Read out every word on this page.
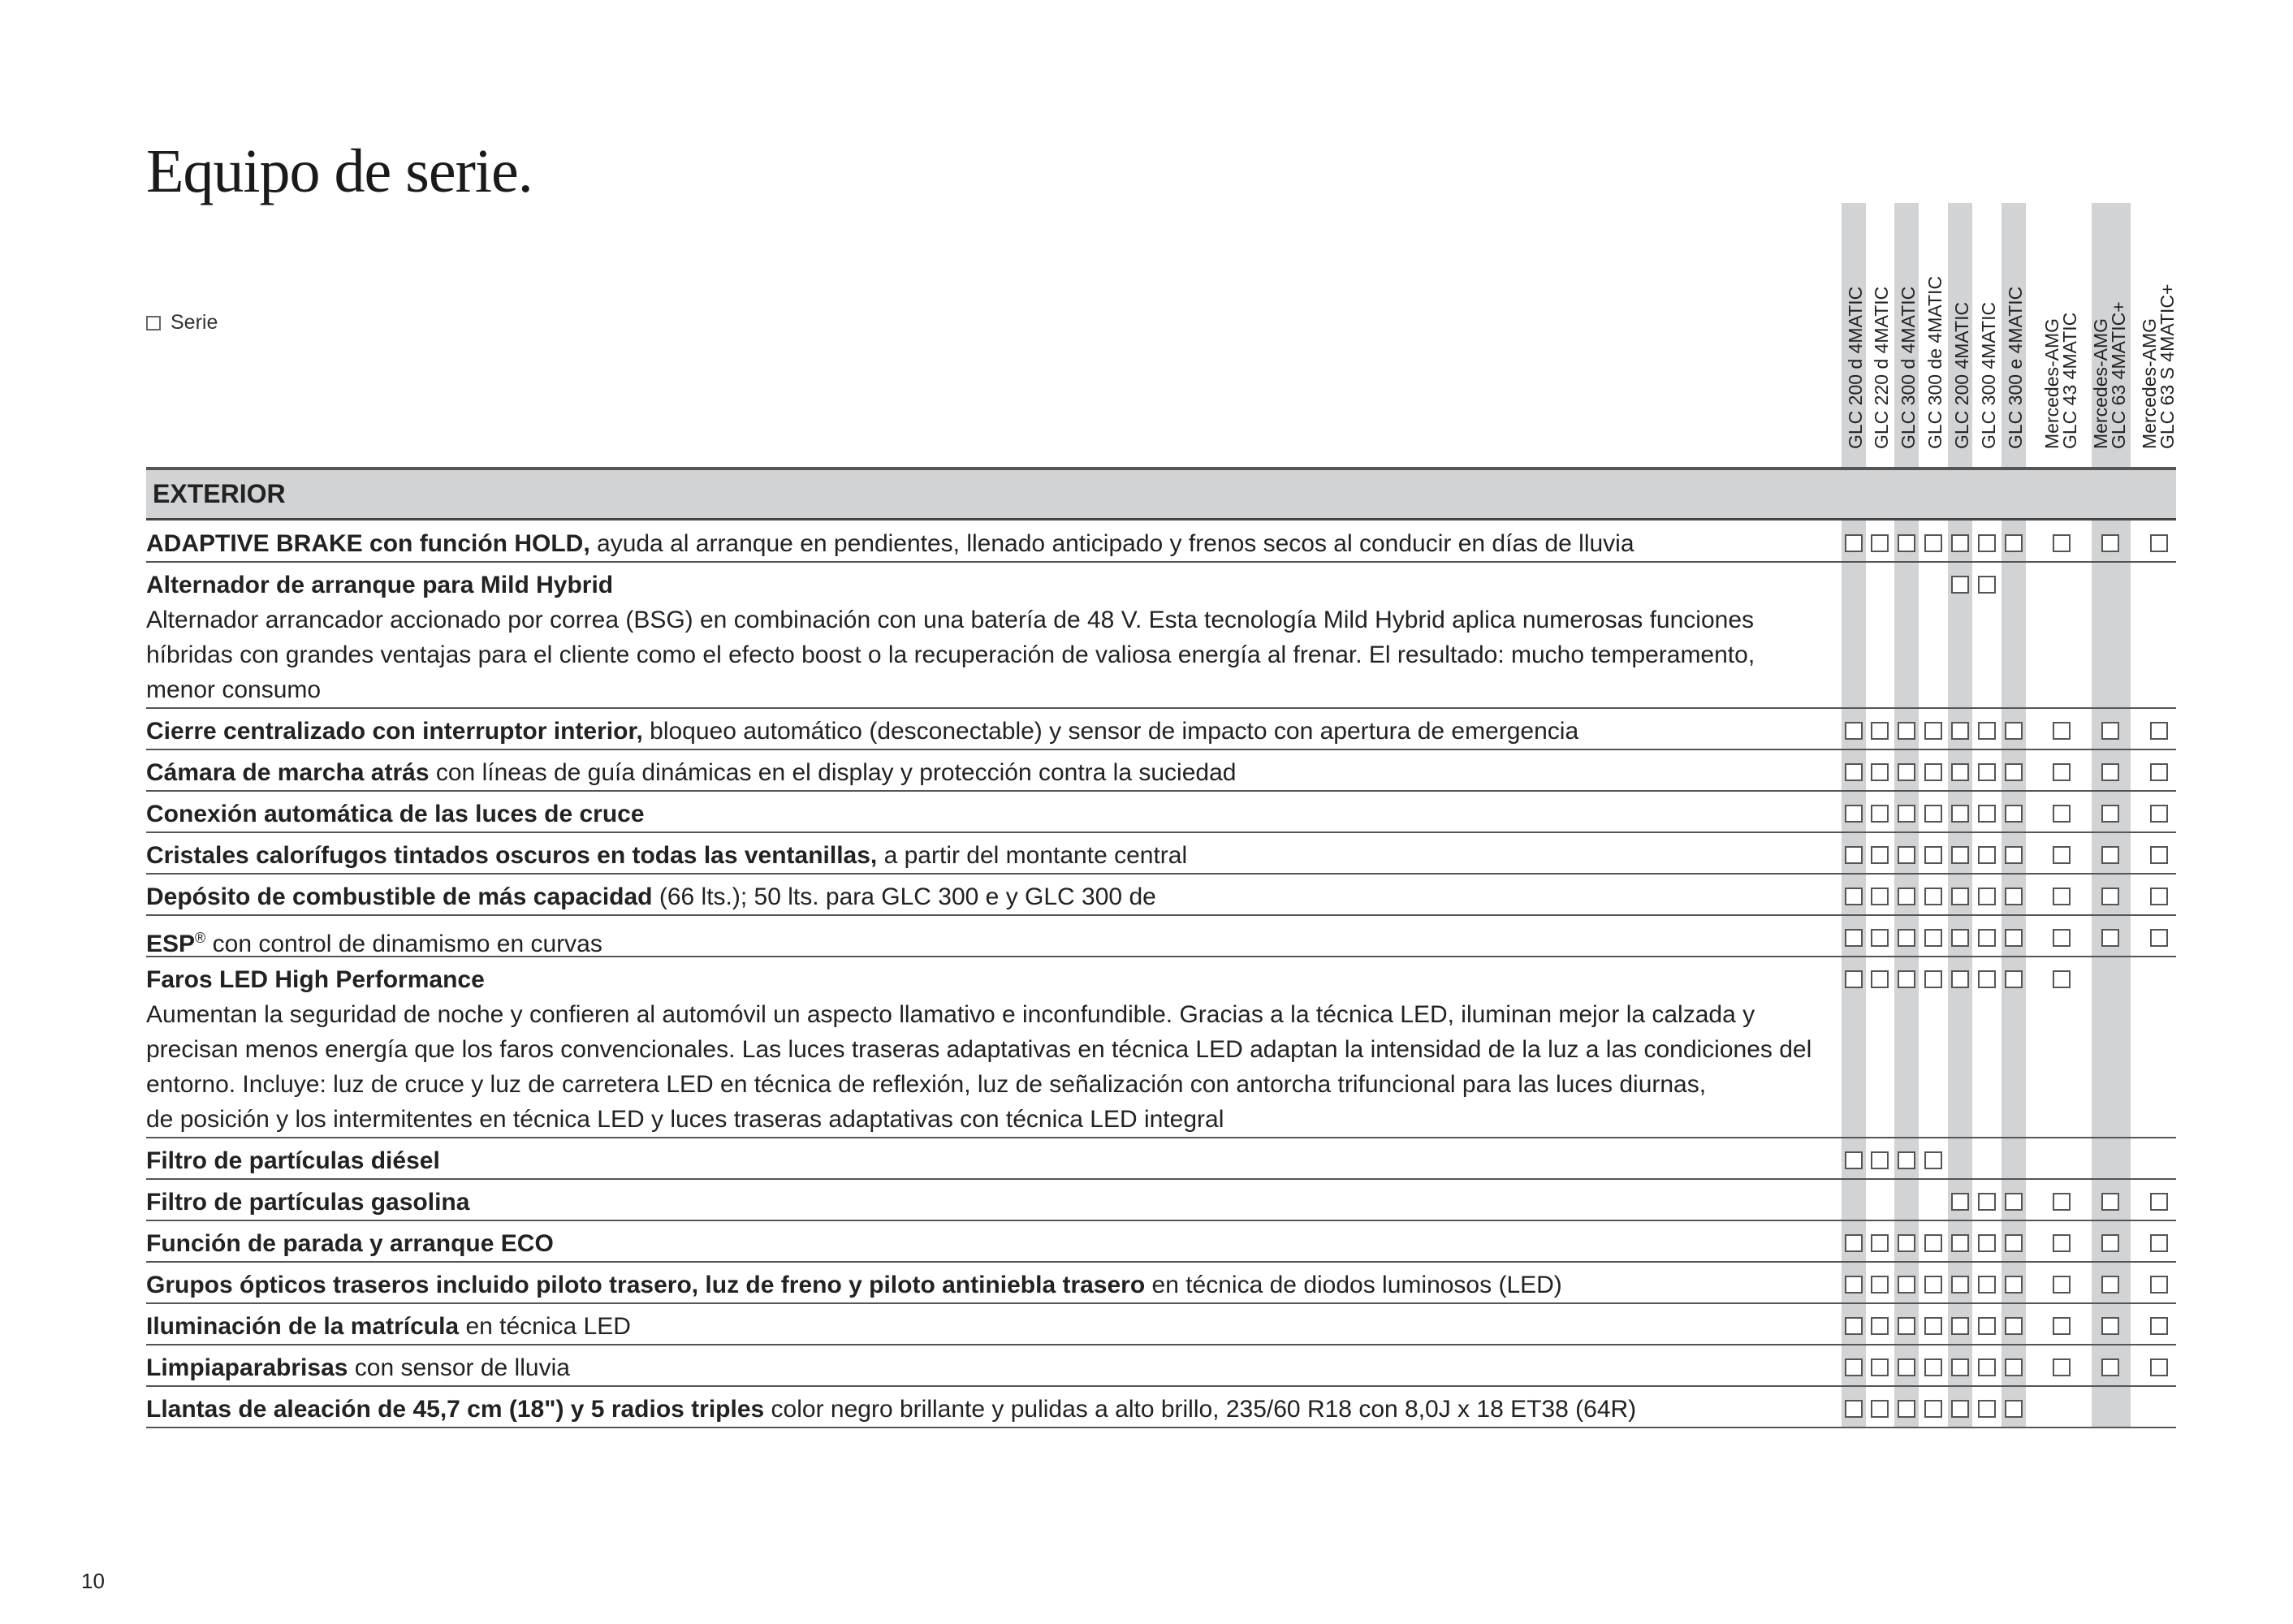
Equipo de serie.
Serie	GLC 200 d 4MATIC GLC 220 d 4MATIC GLC 300 d 4MATIC GLC 300 de 4MATIC GLC 200 4MATIC GLC 300 4MATIC GLC 300 e 4MATIC Mercedes-AMG
GLC 43 4MATIC Mercedes-AMG
GLC 63 4MATIC+ Mercedes-AMG
GLC 63 S 4MATIC+
EXTERIOR
ADAPTIVE BRAKE con función HOLD, ayuda al arranque en pendientes, llenado anticipado y frenos secos al conducir en días de lluvia
Alternador de arranque para Mild Hybrid
Alternador arrancador accionado por correa (BSG) en combinación con una batería de 48 V. Esta tecnología Mild Hybrid aplica numerosas funciones
híbridas con grandes ventajas para el cliente como el efecto boost o la recuperación de valiosa energía al frenar. El resultado: mucho temperamento,
menor consumo
Cierre centralizado con interruptor interior, bloqueo automático (desconectable) y sensor de impacto con apertura de emergencia
Cámara de marcha atrás con líneas de guía dinámicas en el display y protección contra la suciedad
Conexión automática de las luces de cruce
Cristales calorífugos tintados oscuros en todas las ventanillas, a partir del montante central
Depósito de combustible de más capacidad (66 lts.); 50 lts. para GLC 300 e y GLC 300 de
ESP® con control de dinamismo en curvas
Faros LED High Performance
Aumentan la seguridad de noche y confieren al automóvil un aspecto llamativo e inconfundible. Gracias a la técnica LED, iluminan mejor la calzada y
precisan menos energía que los faros convencionales. Las luces traseras adaptativas en técnica LED adaptan la intensidad de la luz a las condiciones del
entorno. Incluye: luz de cruce y luz de carretera LED en técnica de reflexión, luz de señalización con antorcha trifuncional para las luces diurnas,
de posición y los intermitentes en técnica LED y luces traseras adaptativas con técnica LED integral
Filtro de partículas diésel
Filtro de partículas gasolina
Función de parada y arranque ECO
Grupos ópticos traseros incluido piloto trasero, luz de freno y piloto antiniebla trasero en técnica de diodos luminosos (LED)
Iluminación de la matrícula en técnica LED
Limpiaparabrisas con sensor de lluvia
Llantas de aleación de 45,7 cm (18") y 5 radios triples color negro brillante y pulidas a alto brillo, 235/60 R18 con 8,0J x 18 ET38 (64R)
10
